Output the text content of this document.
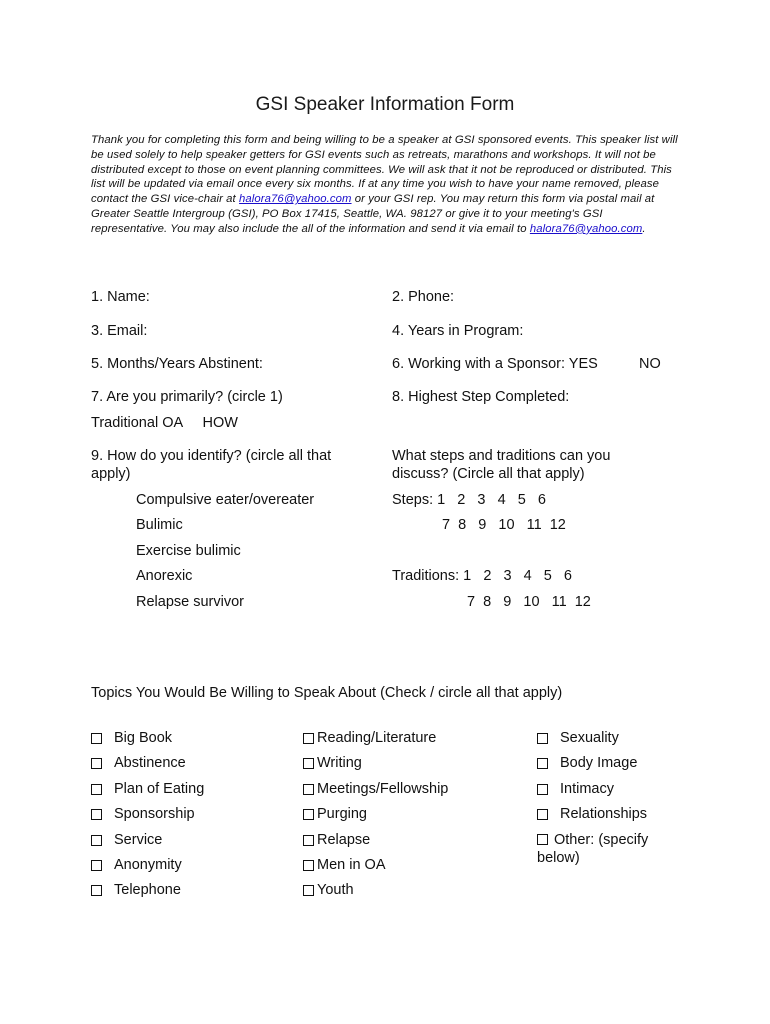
GSI Speaker Information Form
Thank you for completing this form and being willing to be a speaker at GSI sponsored events. This speaker list will be used solely to help speaker getters for GSI events such as retreats, marathons and workshops. It will not be distributed except to those on event planning committees. We will ask that it not be reproduced or distributed. This list will be updated via email once every six months. If at any time you wish to have your name removed, please contact the GSI vice-chair at halora76@yahoo.com or your GSI rep. You may return this form via postal mail at Greater Seattle Intergroup (GSI), PO Box 17415, Seattle, WA. 98127 or give it to your meeting's GSI representative. You may also include the all of the information and send it via email to halora76@yahoo.com.
1. Name:	2. Phone:
3. Email:	4. Years in Program:
5. Months/Years Abstinent:	6. Working with a Sponsor: YES	NO
7. Are you primarily? (circle 1)	8. Highest Step Completed:
Traditional OA     HOW
9. How do you identify? (circle all that apply)
What steps and traditions can you discuss? (Circle all that apply)
Compulsive eater/overeater
Bulimic
Exercise bulimic
Anorexic
Relapse survivor
Steps: 1   2   3   4   5   6
7  8   9   10   11  12
Traditions: 1   2   3   4   5   6
7  8   9   10   11  12
Topics You Would Be Willing to Speak About (Check / circle all that apply)
Big Book
Abstinence
Plan of Eating
Sponsorship
Service
Anonymity
Telephone
Reading/Literature
Writing
Meetings/Fellowship
Purging
Relapse
Men in OA
Youth
Sexuality
Body Image
Intimacy
Relationships
Other: (specify below)
